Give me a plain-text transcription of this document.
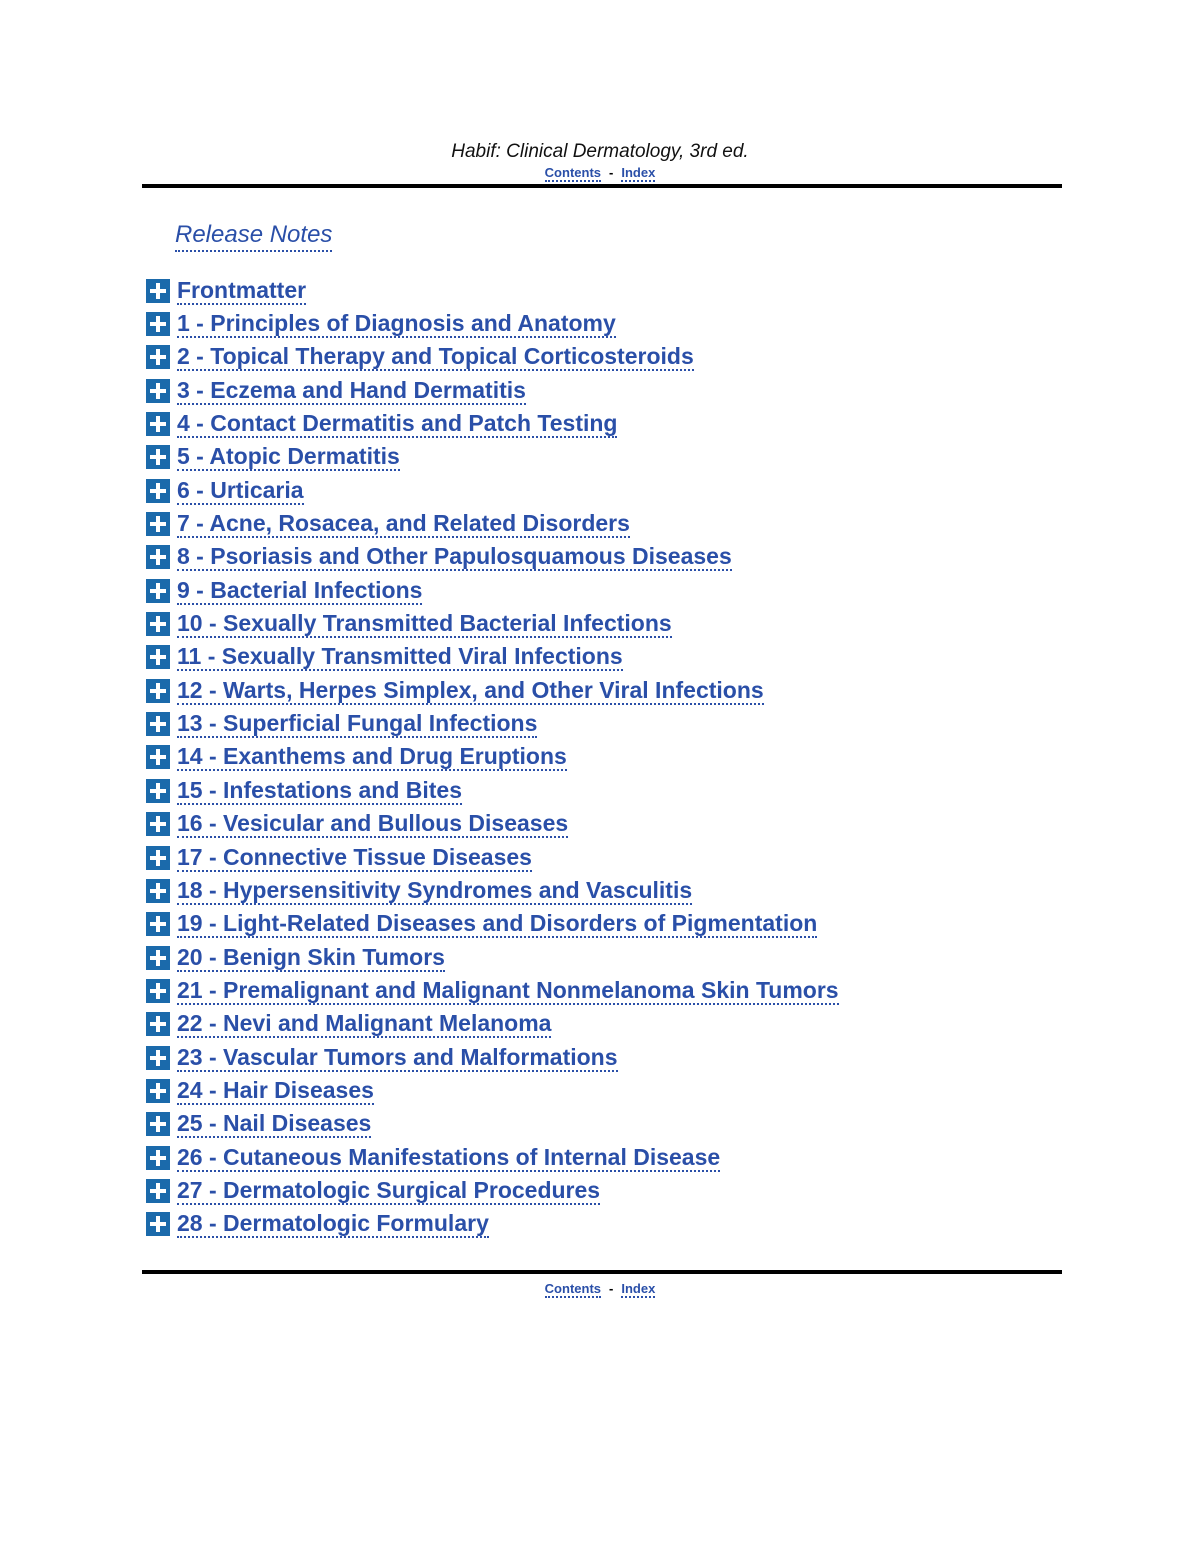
Habif: Clinical Dermatology, 3rd ed.
Contents - Index
Release Notes
Frontmatter
1 - Principles of Diagnosis and Anatomy
2 - Topical Therapy and Topical Corticosteroids
3 - Eczema and Hand Dermatitis
4 - Contact Dermatitis and Patch Testing
5 - Atopic Dermatitis
6 - Urticaria
7 - Acne, Rosacea, and Related Disorders
8 - Psoriasis and Other Papulosquamous Diseases
9 - Bacterial Infections
10 - Sexually Transmitted Bacterial Infections
11 - Sexually Transmitted Viral Infections
12 - Warts, Herpes Simplex, and Other Viral Infections
13 - Superficial Fungal Infections
14 - Exanthems and Drug Eruptions
15 - Infestations and Bites
16 - Vesicular and Bullous Diseases
17 - Connective Tissue Diseases
18 - Hypersensitivity Syndromes and Vasculitis
19 - Light-Related Diseases and Disorders of Pigmentation
20 - Benign Skin Tumors
21 - Premalignant and Malignant Nonmelanoma Skin Tumors
22 - Nevi and Malignant Melanoma
23 - Vascular Tumors and Malformations
24 - Hair Diseases
25 - Nail Diseases
26 - Cutaneous Manifestations of Internal Disease
27 - Dermatologic Surgical Procedures
28 - Dermatologic Formulary
Contents - Index
